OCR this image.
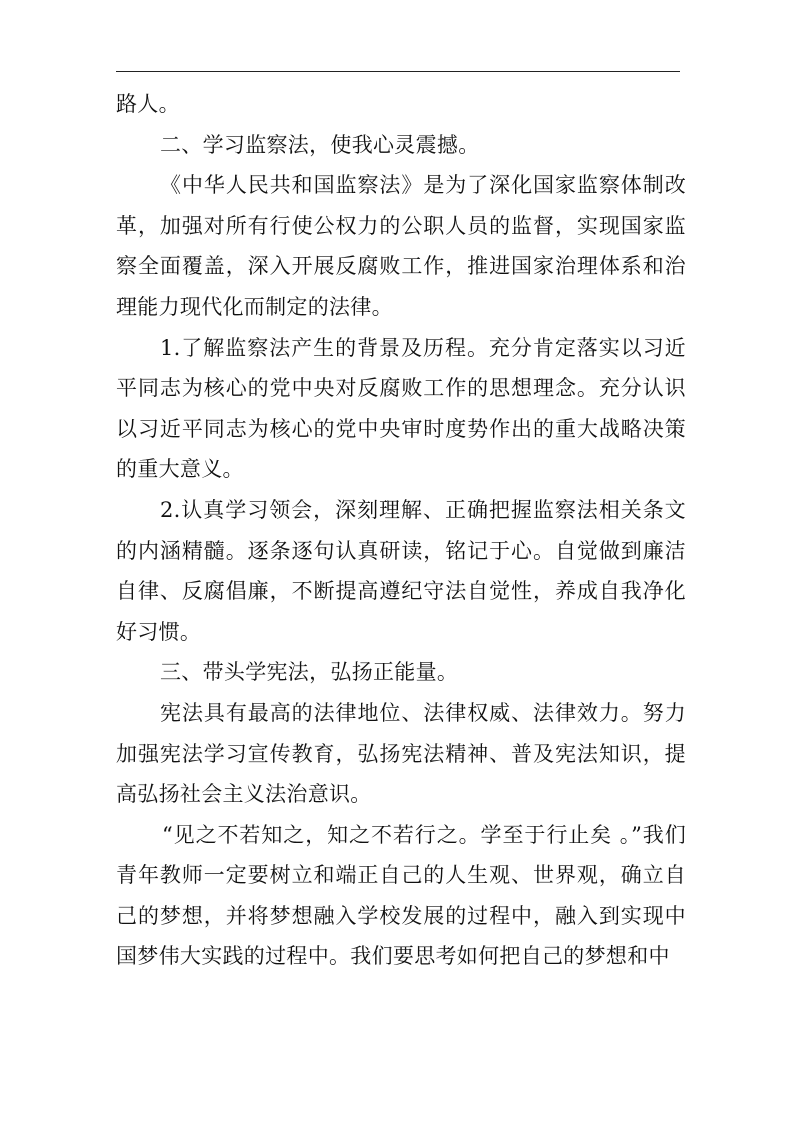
路人。

二、学习监察法，使我心灵震撼。

《中华人民共和国监察法》是为了深化国家监察体制改革，加强对所有行使公权力的公职人员的监督，实现国家监察全面覆盖，深入开展反腐败工作，推进国家治理体系和治理能力现代化而制定的法律。

1.了解监察法产生的背景及历程。充分肯定落实以习近平同志为核心的党中央对反腐败工作的思想理念。充分认识以习近平同志为核心的党中央审时度势作出的重大战略决策的重大意义。

2.认真学习领会，深刻理解、正确把握监察法相关条文的内涵精髓。逐条逐句认真研读，铭记于心。自觉做到廉洁自律、反腐倡廉，不断提高遵纪守法自觉性，养成自我净化好习惯。

三、带头学宪法，弘扬正能量。

宪法具有最高的法律地位、法律权威、法律效力。努力加强宪法学习宣传教育，弘扬宪法精神、普及宪法知识，提高弘扬社会主义法治意识。

“见之不若知之，知之不若行之。学至于行止矣 。”我们青年教师一定要树立和端正自己的人生观、世界观，确立自己的梦想，并将梦想融入学校发展的过程中，融入到实现中国梦伟大实践的过程中。我们要思考如何把自己的梦想和中
